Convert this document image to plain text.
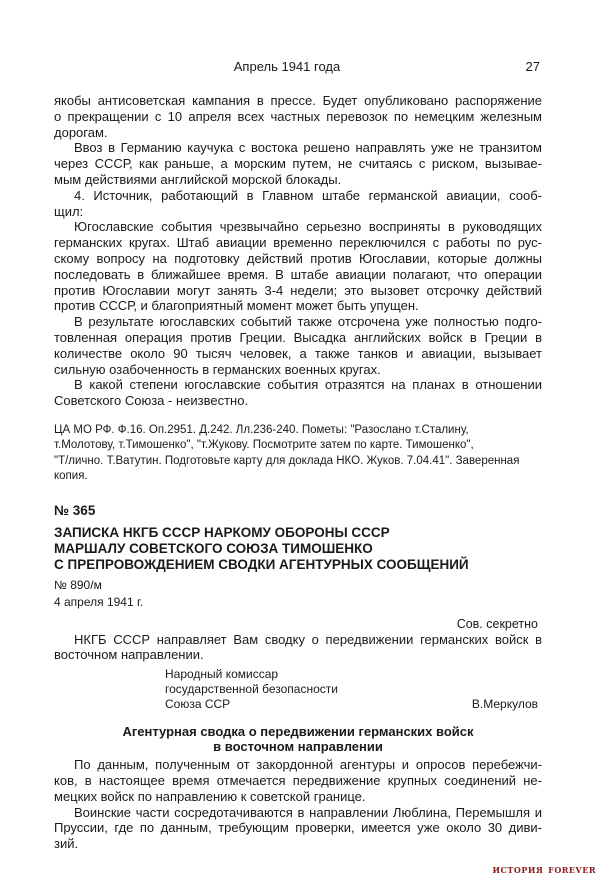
Апрель 1941 года	27
якобы антисоветская кампания в прессе. Будет опубликовано распоряжение
о прекращении с 10 апреля всех частных перевозок по немецким железным
дорогам.
Ввоз в Германию каучука с востока решено направлять уже не транзитом
через СССР, как раньше, а морским путем, не считаясь с риском, вызывае-
мым действиями английской морской блокады.
4. Источник, работающий в Главном штабе германской авиации, сооб-
щил:
Югославские события чрезвычайно серьезно восприняты в руководящих
германских кругах. Штаб авиации временно переключился с работы по рус-
скому вопросу на подготовку действий против Югославии, которые должны
последовать в ближайшее время. В штабе авиации полагают, что операции
против Югославии могут занять 3-4 недели; это вызовет отсрочку действий
против СССР, и благоприятный момент может быть упущен.
В результате югославских событий также отсрочена уже полностью подго-
товленная операция против Греции. Высадка английских войск в Греции в
количестве около 90 тысяч человек, а также танков и авиации, вызывает
сильную озабоченность в германских военных кругах.
В какой степени югославские события отразятся на планах в отношении
Советского Союза - неизвестно.
ЦА МО РФ. Ф.16. Оп.2951. Д.242. Лл.236-240. Пометы: "Разослано т.Сталину,
т.Молотову, т.Тимошенко", "т.Жукову. Посмотрите затем по карте. Тимошенко",
"Т/лично. Т.Ватутин. Подготовьте карту для доклада НКО. Жуков. 7.04.41". Заверенная
копия.
№ 365
ЗАПИСКА НКГБ СССР НАРКОМУ ОБОРОНЫ СССР
МАРШАЛУ СОВЕТСКОГО СОЮЗА ТИМОШЕНКО
С ПРЕПРОВОЖДЕНИЕМ СВОДКИ АГЕНТУРНЫХ СООБЩЕНИЙ
№ 890/м
4 апреля 1941 г.
Сов. секретно
НКГБ СССР направляет Вам сводку о передвижении германских войск в
восточном направлении.
Народный комиссар
государственной безопасности
Союза ССР	В.Меркулов
Агентурная сводка о передвижении германских войск
в восточном направлении
По данным, полученным от закордонной агентуры и опросов перебежчи-
ков, в настоящее время отмечается передвижение крупных соединений не-
мецких войск по направлению к советской границе.
Воинские части сосредотачиваются в направлении Люблина, Перемышля и
Пруссии, где по данным, требующим проверки, имеется уже около 30 диви-
зий.
история forever
